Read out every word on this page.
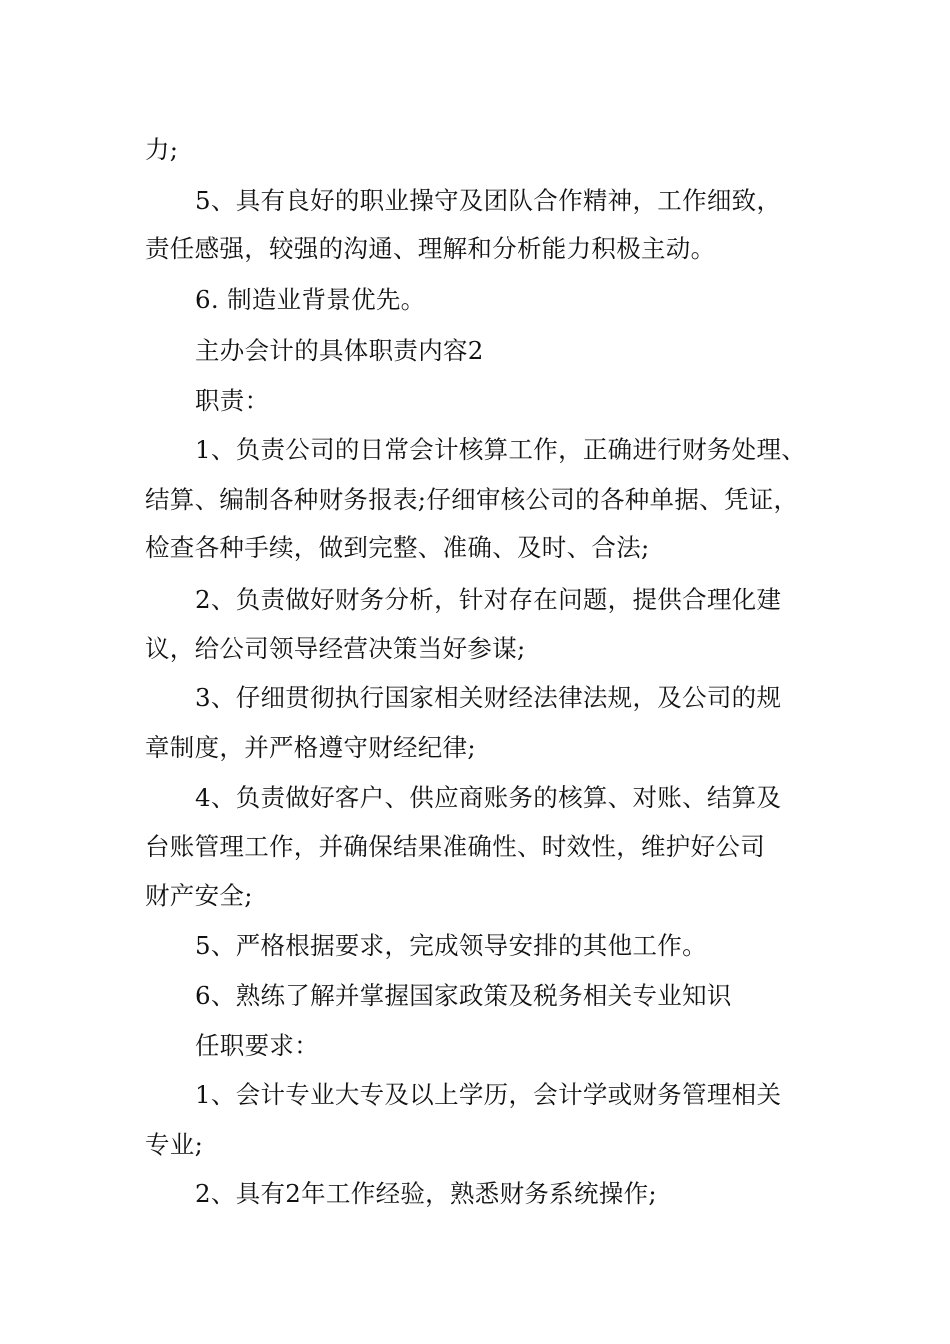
力;
5、具有良好的职业操守及团队合作精神，工作细致，
责任感强，较强的沟通、理解和分析能力积极主动。
6. 制造业背景优先。
主办会计的具体职责内容2
职责：
1、负责公司的日常会计核算工作，正确进行财务处理、
结算、编制各种财务报表;仔细审核公司的各种单据、凭证，
检查各种手续，做到完整、准确、及时、合法;
2、负责做好财务分析，针对存在问题，提供合理化建
议，给公司领导经营决策当好参谋;
3、仔细贯彻执行国家相关财经法律法规，及公司的规
章制度，并严格遵守财经纪律;
4、负责做好客户、供应商账务的核算、对账、结算及
台账管理工作，并确保结果准确性、时效性，维护好公司
财产安全;
5、严格根据要求，完成领导安排的其他工作。
6、熟练了解并掌握国家政策及税务相关专业知识
任职要求：
1、会计专业大专及以上学历，会计学或财务管理相关
专业;
2、具有2年工作经验，熟悉财务系统操作;
